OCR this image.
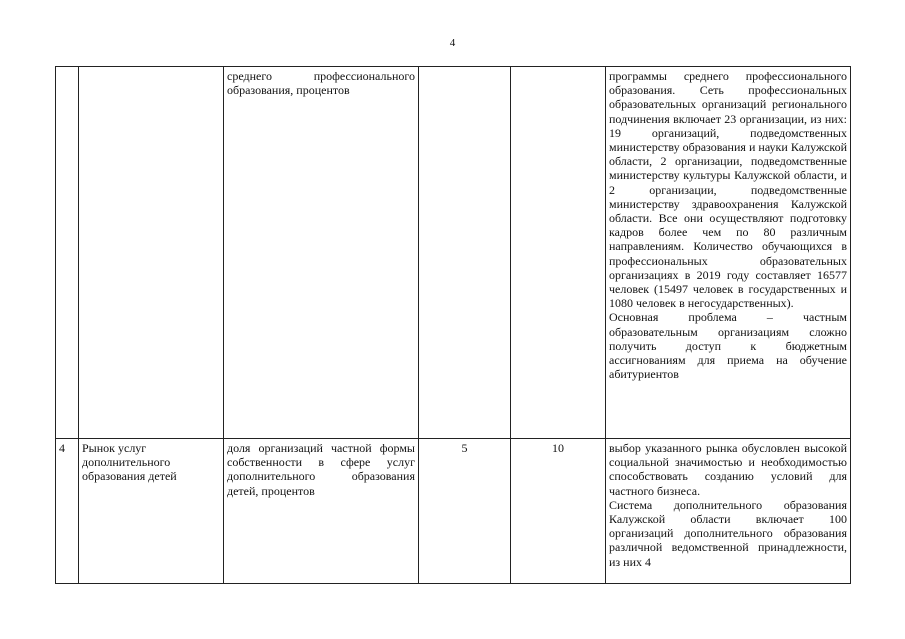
4
		среднего профессионального образования, процентов			программы среднего профессионального образования. Сеть профессиональных образовательных организаций регионального подчинения включает 23 организации, из них: 19 организаций, подведомственных министерству образования и науки Калужской области, 2 организации, подведомственные министерству культуры Калужской области, и 2 организации, подведомственные министерству здравоохранения Калужской области. Все они осуществляют подготовку кадров более чем по 80 различным направлениям. Количество обучающихся в профессиональных образовательных организациях в 2019 году составляет 16577 человек (15497 человек в государственных и 1080 человек в негосударственных).
Основная проблема – частным образовательным организациям сложно получить доступ к бюджетным ассигнованиям для приема на обучение абитуриентов

4	Рынок услуг дополнительного образования детей	доля организаций частной формы собственности в сфере услуг дополнительного образования детей, процентов	5	10	выбор указанного рынка обусловлен высокой социальной значимостью и необходимостью способствовать созданию условий для частного бизнеса.
Система дополнительного образования Калужской области включает 100 организаций дополнительного образования различной ведомственной принадлежности, из них 4
